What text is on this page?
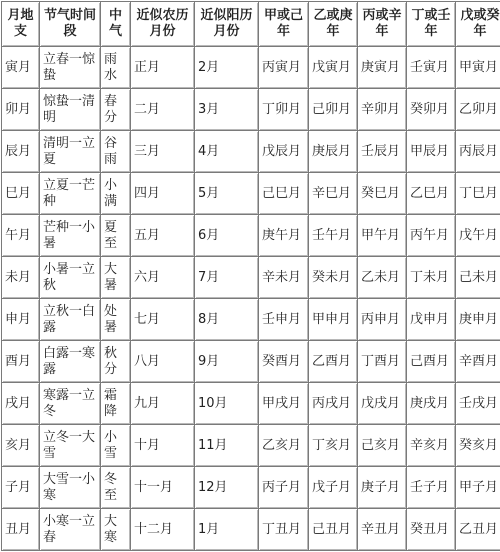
月地支	节气时间段	中气	近似农历月份	近似阳历月份	甲或己年	乙或庚年	丙或辛年	丁或壬年	戊或癸年
寅月	立春一惊蛰	雨水	正月	2月	丙寅月	戊寅月	庚寅月	壬寅月	甲寅月
卯月	惊蛰一清明	春分	二月	3月	丁卯月	己卯月	辛卯月	癸卯月	乙卯月
辰月	清明一立夏	谷雨	三月	4月	戊辰月	庚辰月	壬辰月	甲辰月	丙辰月
巳月	立夏一芒种	小满	四月	5月	己巳月	辛巳月	癸巳月	乙巳月	丁巳月
午月	芒种一小暑	夏至	五月	6月	庚午月	壬午月	甲午月	丙午月	戊午月
未月	小暑一立秋	大暑	六月	7月	辛未月	癸未月	乙未月	丁未月	己未月
申月	立秋一白露	处暑	七月	8月	壬申月	甲申月	丙申月	戊申月	庚申月
酉月	白露一寒露	秋分	八月	9月	癸酉月	乙酉月	丁酉月	己酉月	辛酉月
戌月	寒露一立冬	霜降	九月	10月	甲戌月	丙戌月	戊戌月	庚戌月	壬戌月
亥月	立冬一大雪	小雪	十月	11月	乙亥月	丁亥月	己亥月	辛亥月	癸亥月
子月	大雪一小寒	冬至	十一月	12月	丙子月	戊子月	庚子月	壬子月	甲子月
丑月	小寒一立春	大寒	十二月	1月	丁丑月	己丑月	辛丑月	癸丑月	乙丑月
